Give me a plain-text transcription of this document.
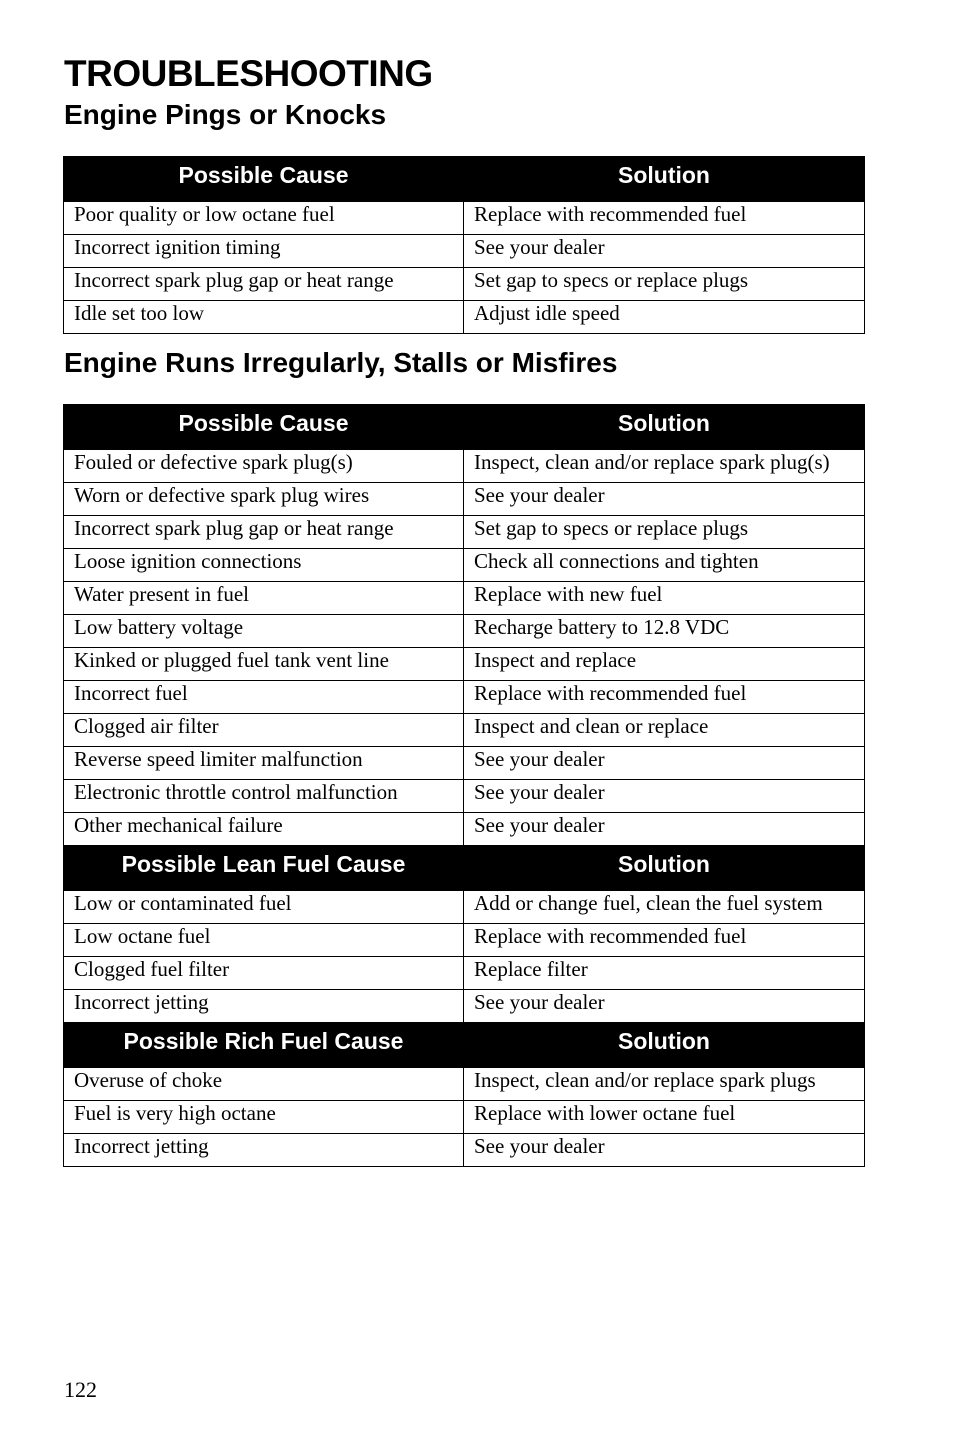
TROUBLESHOOTING
Engine Pings or Knocks
Possible Cause	Solution
Poor quality or low octane fuel	Replace with recommended fuel
Incorrect ignition timing	See your dealer
Incorrect spark plug gap or heat range	Set gap to specs or replace plugs
Idle set too low	Adjust idle speed
Engine Runs Irregularly, Stalls or Misfires
Possible Cause	Solution
Fouled or defective spark plug(s)	Inspect, clean and/or replace spark plug(s)
Worn or defective spark plug wires	See your dealer
Incorrect spark plug gap or heat range	Set gap to specs or replace plugs
Loose ignition connections	Check all connections and tighten
Water present in fuel	Replace with new fuel
Low battery voltage	Recharge battery to 12.8 VDC
Kinked or plugged fuel tank vent line	Inspect and replace
Incorrect fuel	Replace with recommended fuel
Clogged air filter	Inspect and clean or replace
Reverse speed limiter malfunction	See your dealer
Electronic throttle control malfunction	See your dealer
Other mechanical failure	See your dealer
Possible Lean Fuel Cause	Solution
Low or contaminated fuel	Add or change fuel, clean the fuel system
Low octane fuel	Replace with recommended fuel
Clogged fuel filter	Replace filter
Incorrect jetting	See your dealer
Possible Rich Fuel Cause	Solution
Overuse of choke	Inspect, clean and/or replace spark plugs
Fuel is very high octane	Replace with lower octane fuel
Incorrect jetting	See your dealer
122
